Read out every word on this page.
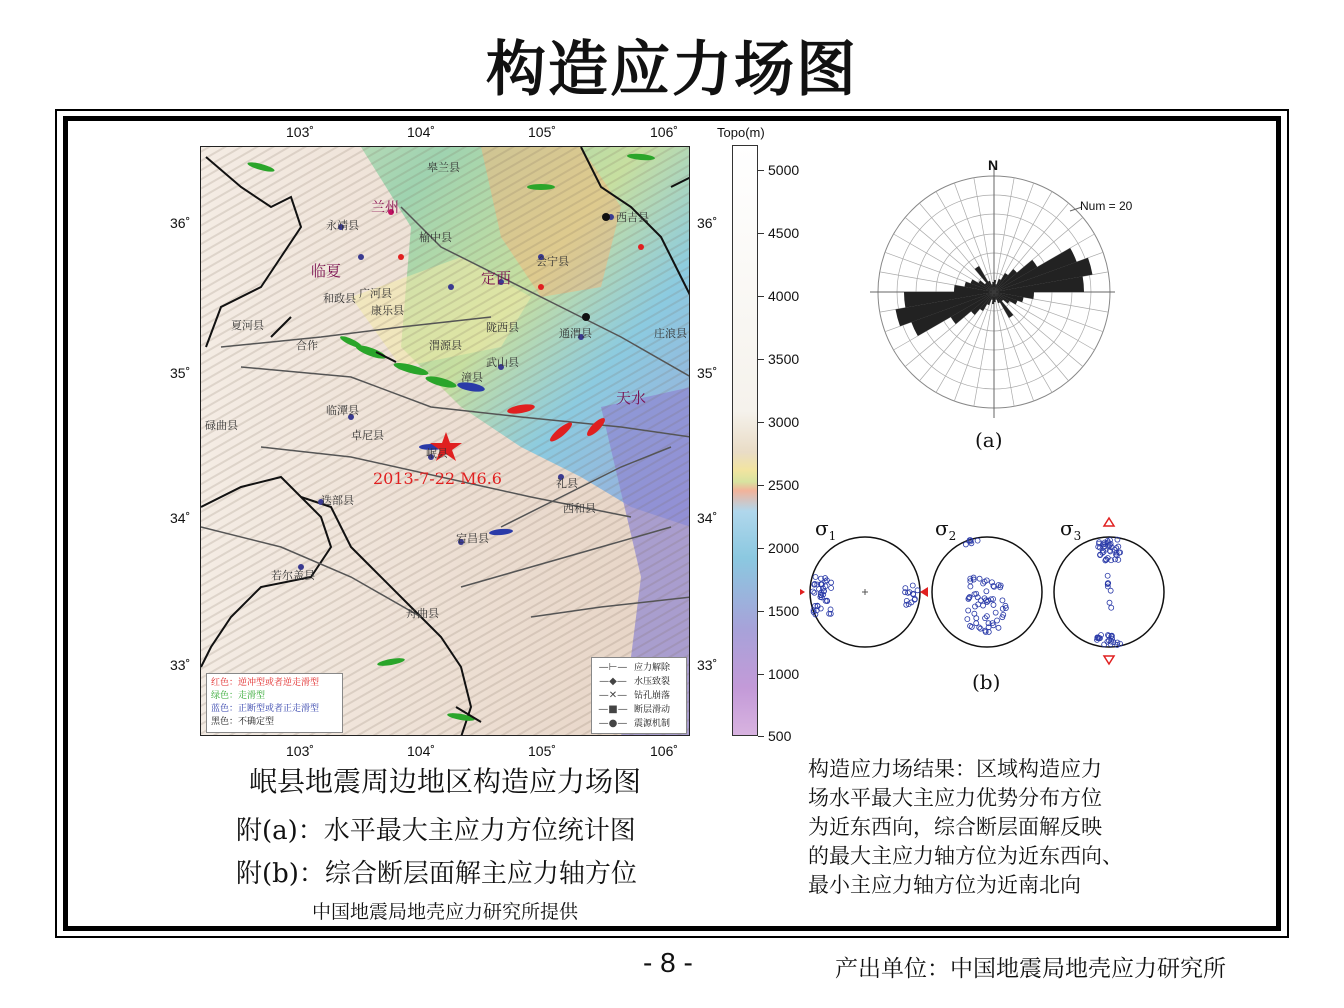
构造应力场图
兰州
临夏	定西
天水
皋兰县
西吉县
会宁县
通渭县	庄浪县
漳县
岷县
武山县
宕昌县
西和县
礼县
舟曲县
若尔盖县
碌曲县
临潭县
康乐县
渭源县
陇西县
和政县 广河县
永靖县
榆中县
卓尼县
夏河县
合作
迭部县
2013-7-22 M6.6
红色：逆冲型或者逆走滑型
绿色：走滑型
蓝色：正断型或者正走滑型
黑色：不确定型
—⊢— 应力解除
—◆— 水压致裂
—✕— 钻孔崩落
—■— 断层滑动
—●— 震源机制
103˚	104˚	105˚	106˚
103˚	104˚	105˚	106˚
36˚
35˚
34˚
33˚
36˚
35˚
34˚
33˚
Topo(m)
5000
4500
4000
3500
3000
2500
2000
1500
1000
500
N
Num = 20
(a)
$\sigma_1$	$\sigma_2$	$\sigma_3$
(b)
岷县地震周边地区构造应力场图
附(a)：水平最大主应力方位统计图
附(b)：综合断层面解主应力轴方位
中国地震局地壳应力研究所提供
构造应力场结果：区域构造应力
场水平最大主应力优势分布方位
为近东西向，综合断层面解反映
的最大主应力轴方位为近东西向、
最小主应力轴方位为近南北向
- 8 -	产出单位：中国地震局地壳应力研究所
